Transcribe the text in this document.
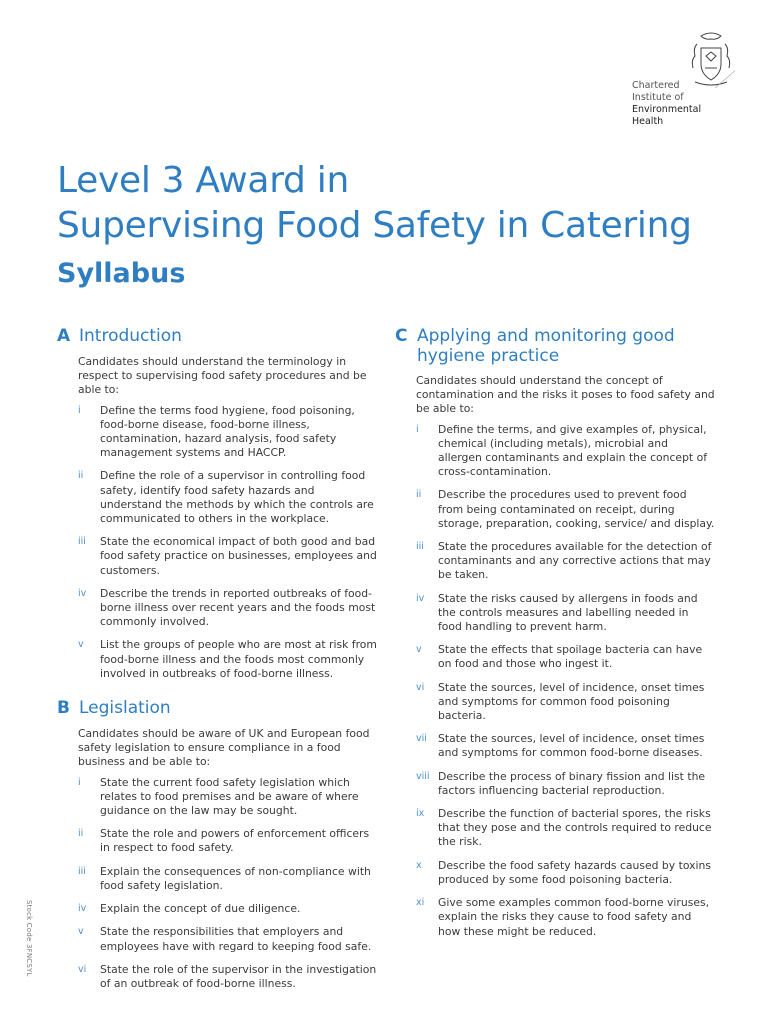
Chartered
Institute of
Environmental
Health
Level 3 Award in
Supervising Food Safety in Catering
Syllabus
A Introduction

Candidates should understand the terminology in respect to supervising food safety procedures and be able to:

i	Define the terms food hygiene, food poisoning, food-borne disease, food-borne illness, contamination, hazard analysis, food safety management systems and HACCP.
ii	Define the role of a supervisor in controlling food safety, identify food safety hazards and understand the methods by which the controls are communicated to others in the workplace.
iii	State the economical impact of both good and bad food safety practice on businesses, employees and customers.
iv	Describe the trends in reported outbreaks of food-borne illness over recent years and the foods most commonly involved.
v	List the groups of people who are most at risk from food-borne illness and the foods most commonly involved in outbreaks of food-borne illness.
B Legislation

Candidates should be aware of UK and European food safety legislation to ensure compliance in a food business and be able to:

i	State the current food safety legislation which relates to food premises and be aware of where guidance on the law may be sought.
ii	State the role and powers of enforcement officers in respect to food safety.
iii	Explain the consequences of non-compliance with food safety legislation.
iv	Explain the concept of due diligence.
v	State the responsibilities that employers and employees have with regard to keeping food safe.
vi	State the role of the supervisor in the investigation of an outbreak of food-borne illness.
C Applying and monitoring good hygiene practice

Candidates should understand the concept of contamination and the risks it poses to food safety and be able to:

i	Define the terms, and give examples of, physical, chemical (including metals), microbial and allergen contaminants and explain the concept of cross-contamination.
ii	Describe the procedures used to prevent food from being contaminated on receipt, during storage, preparation, cooking, service/ and display.
iii	State the procedures available for the detection of contaminants and any corrective actions that may be taken.
iv	State the risks caused by allergens in foods and the controls measures and labelling needed in food handling to prevent harm.
v	State the effects that spoilage bacteria can have on food and those who ingest it.
vi	State the sources, level of incidence, onset times and symptoms for common food poisoning bacteria.
vii	State the sources, level of incidence, onset times and symptoms for common food-borne diseases.
viii Describe the process of binary fission and list the factors influencing bacterial reproduction.
ix	Describe the function of bacterial spores, the risks that they pose and the controls required to reduce the risk.
x	Describe the food safety hazards caused by toxins produced by some food poisoning bacteria.
xi	Give some examples common food-borne viruses, explain the risks they cause to food safety and how these might be reduced.
Stock Code 3FNCSYL
